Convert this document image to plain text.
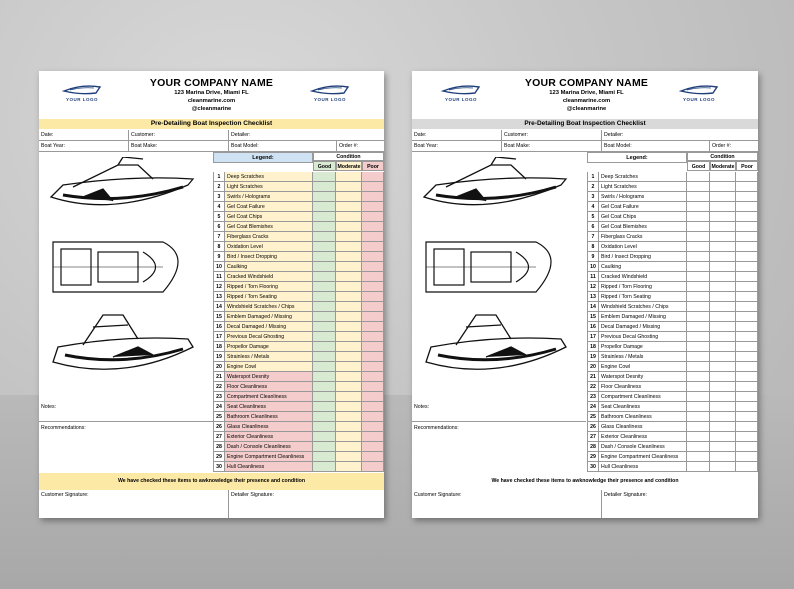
YOUR LOGO
YOUR COMPANY NAME
123 Marina Drive, Miami FL
cleanmarine.com
@cleanmarine
YOUR LOGO
Pre-Detailing Boat Inspection Checklist
Date:	Customer:	Detailer:
Boat Year:	Boat Make:	Boat Model:	Order #:
Legend:	Condition
Good	Moderate	Poor
1	Deep Scratches
2	Light Scratches
3	Swirls / Holograms
4	Gel Coat Failure
5	Gel Coat Chips
6	Gel Coat Blemishes
7	Fiberglass Cracks
8	Oxidation Level
9	Bird / Insect Dropping
10 Caulking
11	Cracked Windshield
12 Ripped / Torn Flooring
13 Ripped / Torn Seating
14 Windshield Scratches / Chips
15 Emblem Damaged / Missing
16 Decal Damaged / Missing
17 Previous Decal Ghosting
18 Propellor Damage
19 Strainless / Metals
20 Engine Cowl
21 Waterspot Desnity
22 Floor Cleanliness
23 Compartment Cleanliness
24 Seat Cleanliness
25 Bathroom Cleanliness
26 Glass Cleanliness
27 Exterior Cleanliness
28 Dash / Console Cleanliness
29 Engine Compartment Cleanliness
30 Hull Cleanliness
Notes:
Recommendations:
We have checked these items to awknowledge their presence and condition
Customer Signature:	Detailer Signature:
YOUR LOGO
YOUR COMPANY NAME
123 Marina Drive, Miami FL
cleanmarine.com
@cleanmarine
YOUR LOGO
Pre-Detailing Boat Inspection Checklist
Date:	Customer:	Detailer:
Boat Year:	Boat Make:	Boat Model:	Order #:
Legend:	Condition
Good	Moderate	Poor
1	Deep Scratches
2	Light Scratches
3	Swirls / Holograms
4	Gel Coat Failure
5	Gel Coat Chips
6	Gel Coat Blemishes
7	Fiberglass Cracks
8	Oxidation Level
9	Bird / Insect Dropping
10 Caulking
11	Cracked Windshield
12 Ripped / Torn Flooring
13 Ripped / Torn Seating
14 Windshield Scratches / Chips
15 Emblem Damaged / Missing
16 Decal Damaged / Missing
17 Previous Decal Ghosting
18 Propellor Damage
19 Strainless / Metals
20 Engine Cowl
21 Waterspot Desnity
22 Floor Cleanliness
23 Compartment Cleanliness
24 Seat Cleanliness
25 Bathroom Cleanliness
26 Glass Cleanliness
27 Exterior Cleanliness
28 Dash / Console Cleanliness
29 Engine Compartment Cleanliness
30 Hull Cleanliness
Notes:
Recommendations:
We have checked these items to awknowledge their presence and condition
Customer Signature:	Detailer Signature:
